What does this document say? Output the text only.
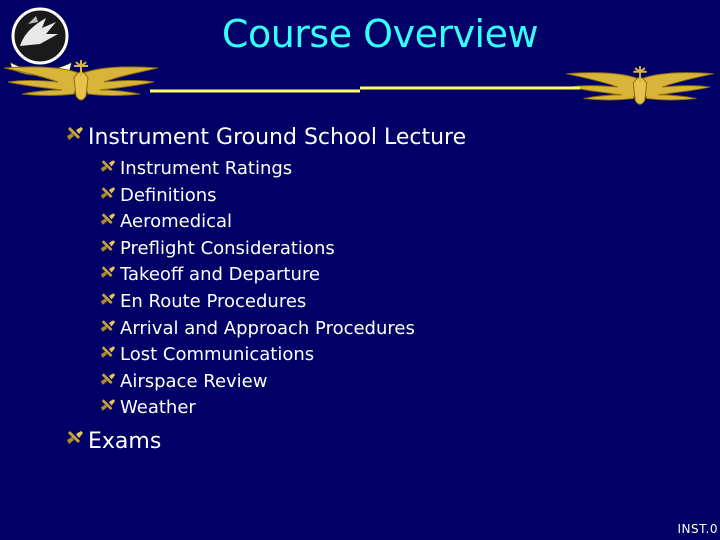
Course Overview
Instrument Ground School Lecture
Instrument Ratings
Definitions
Aeromedical
Preflight Considerations
Takeoff and Departure
En Route Procedures
Arrival and Approach Procedures
Lost Communications
Airspace Review
Weather
Exams
INST.0
